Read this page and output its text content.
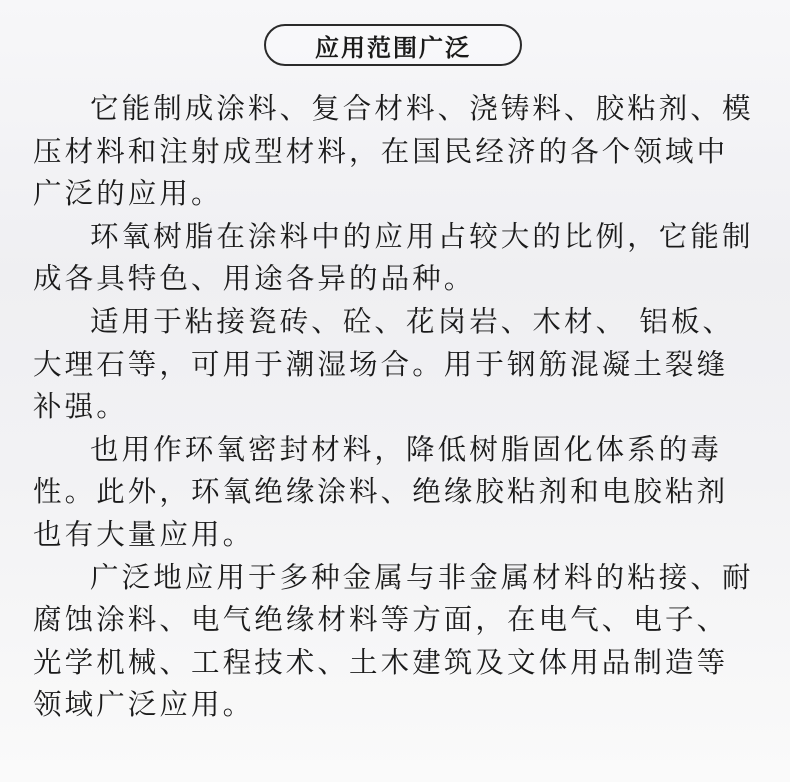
应用范围广泛

它能制成涂料、复合材料、浇铸料、胶粘剂、模压材料和注射成型材料，在国民经济的各个领域中广泛的应用。

环氧树脂在涂料中的应用占较大的比例，它能制成各具特色、用途各异的品种。

适用于粘接瓷砖、砼、花岗岩、木材、 铝板、大理石等，可用于潮湿场合。用于钢筋混凝土裂缝补强。

也用作环氧密封材料，降低树脂固化体系的毒性。此外，环氧绝缘涂料、绝缘胶粘剂和电胶粘剂也有大量应用。

广泛地应用于多种金属与非金属材料的粘接、耐腐蚀涂料、电气绝缘材料等方面，在电气、电子、光学机械、工程技术、土木建筑及文体用品制造等领域广泛应用。
